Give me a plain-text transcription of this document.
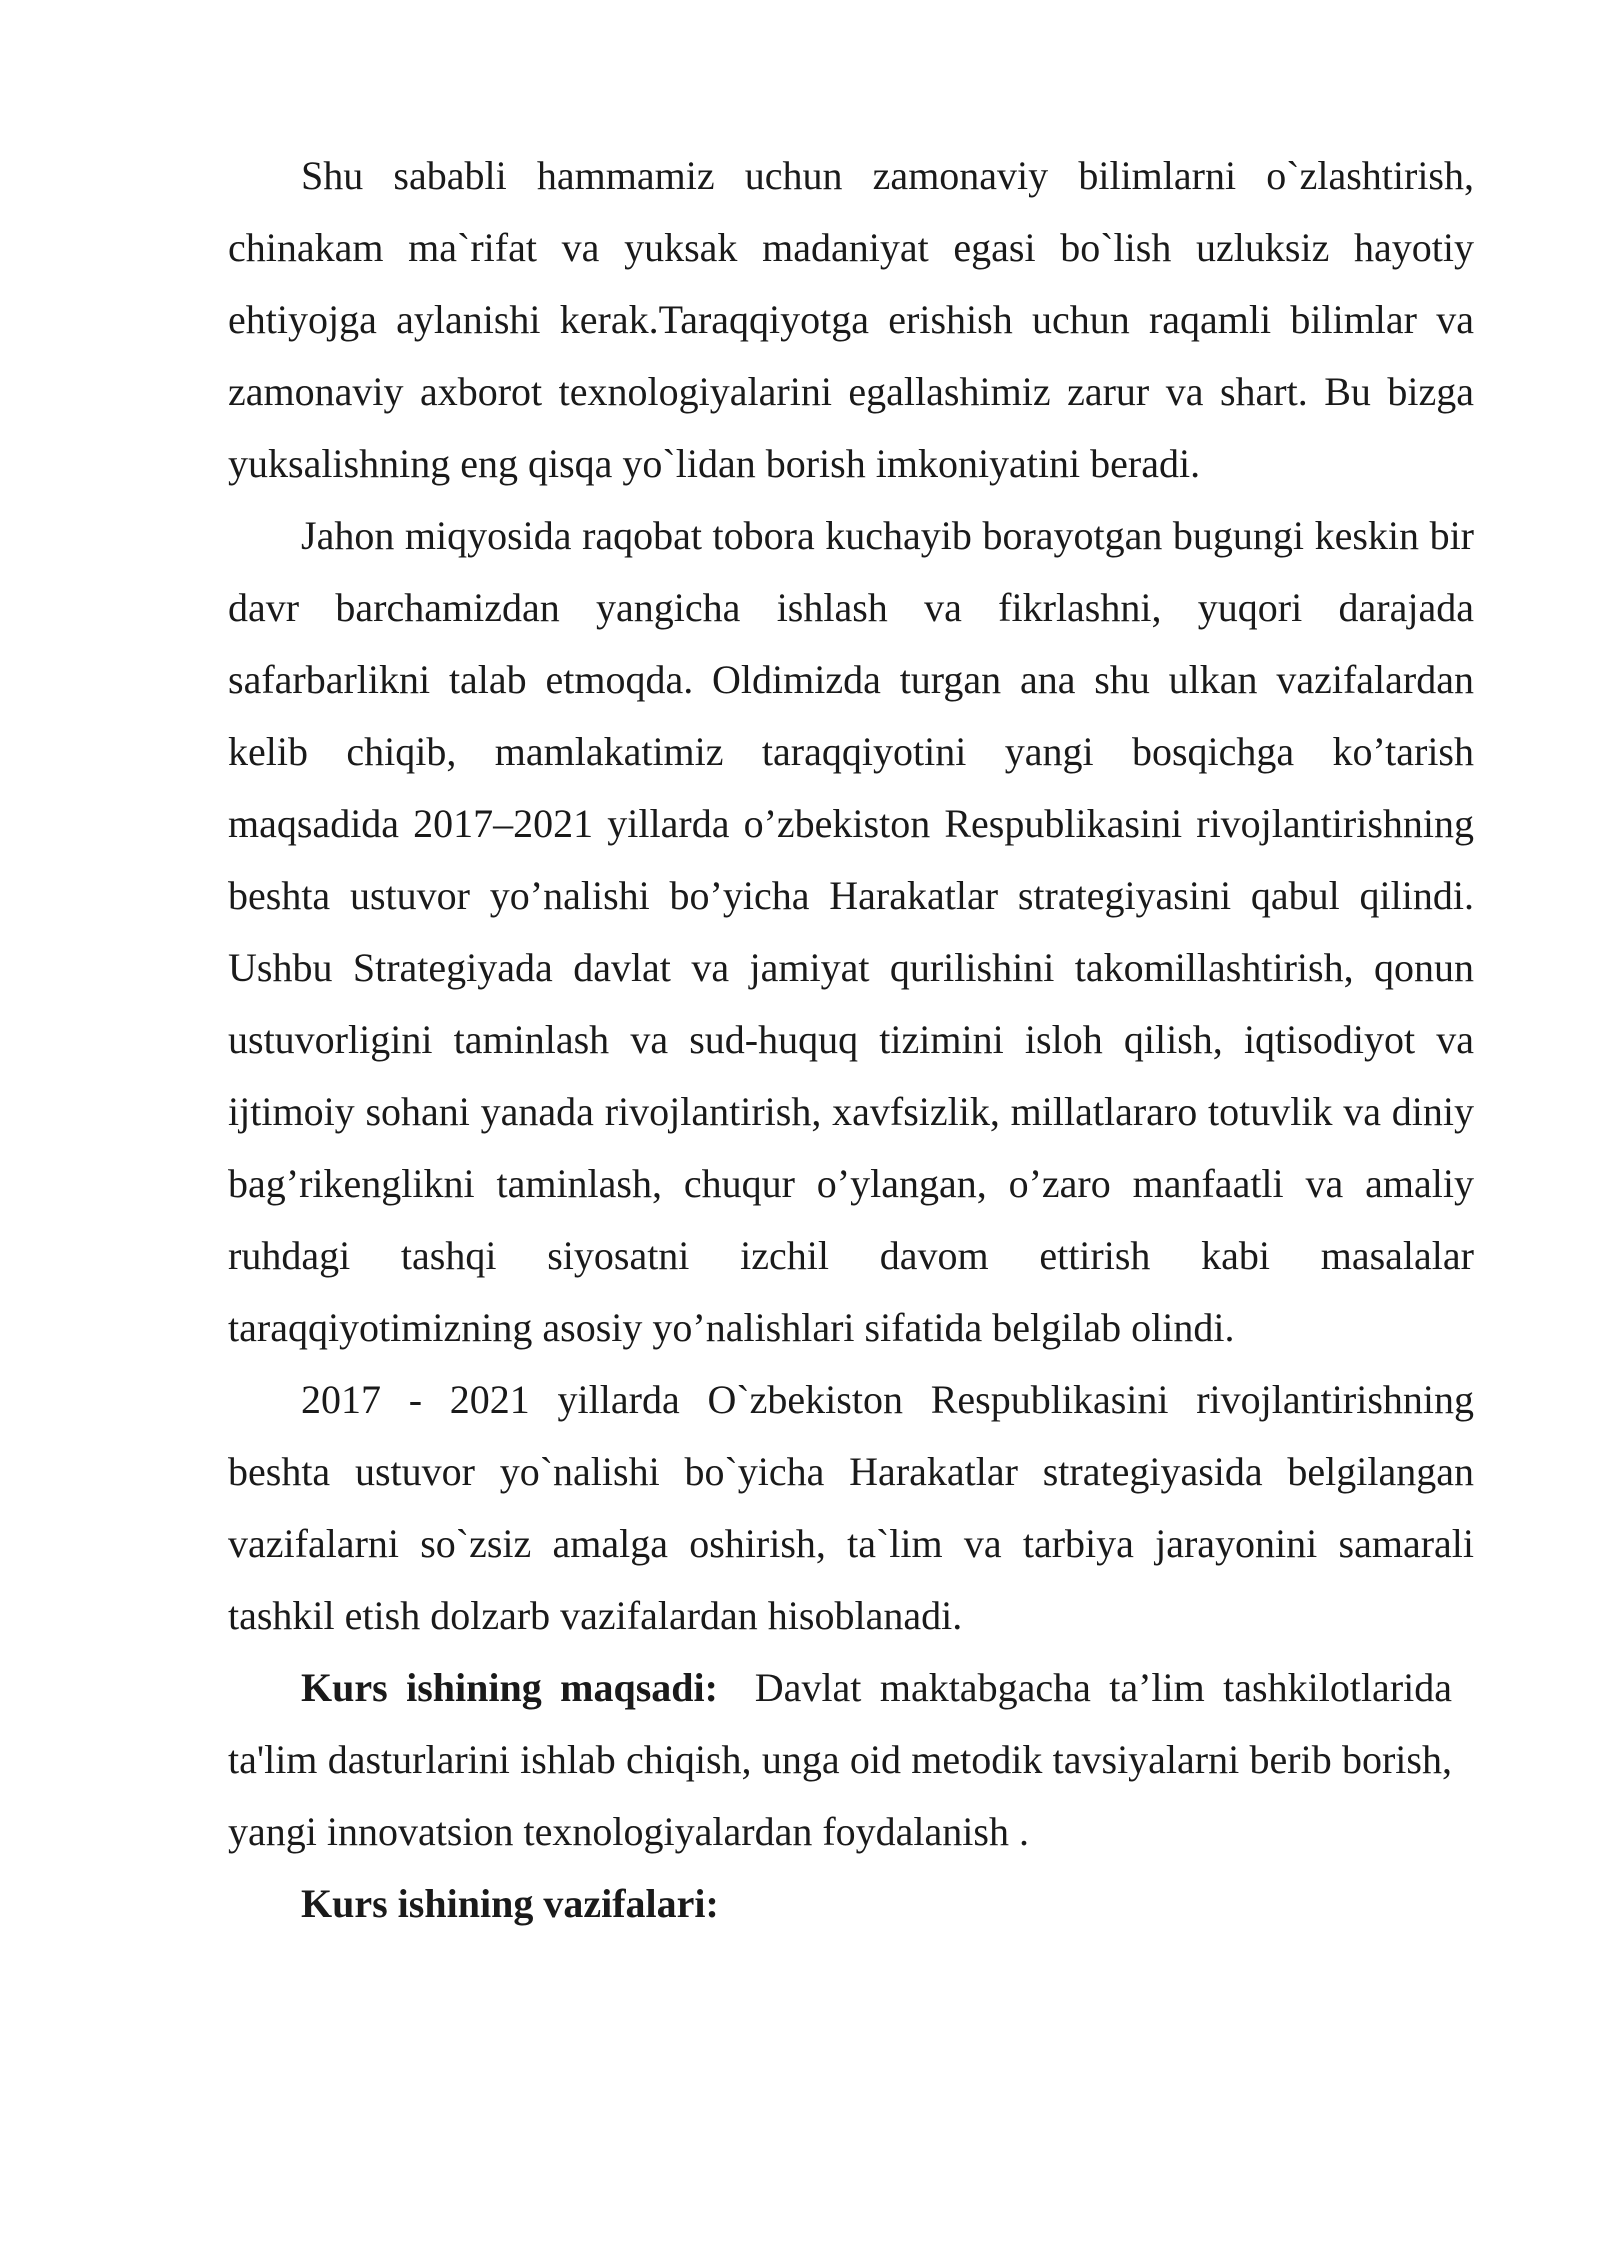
Shu sababli hammamiz uchun zamonaviy bilimlarni o`zlashtirish, chinakam ma`rifat va yuksak madaniyat egasi bo`lish uzluksiz hayotiy ehtiyojga aylanishi kerak.Taraqqiyotga erishish uchun raqamli bilimlar va zamonaviy axborot texnologiyalarini egallashimiz zarur va shart. Bu bizga yuksalishning eng qisqa yo`lidan borish imkoniyatini beradi.

Jahon miqyosida raqobat tobora kuchayib borayotgan bugungi keskin bir davr barchamizdan yangicha ishlash va fikrlashni, yuqori darajada safarbarlikni talab etmoqda. Oldimizda turgan ana shu ulkan vazifalardan kelib chiqib, mamlakatimiz taraqqiyotini yangi bosqichga ko’tarish maqsadida 2017–2021 yillarda o’zbekiston Respublikasini rivojlantirishning beshta ustuvor yo’nalishi bo’yicha Harakatlar strategiyasini qabul qilindi. Ushbu Strategiyada davlat va jamiyat qurilishini takomillashtirish, qonun ustuvorligini taminlash va sud-huquq tizimini isloh qilish, iqtisodiyot va ijtimoiy sohani yanada rivojlantirish, xavfsizlik, millatlararo totuvlik va diniy bag’rikenglikni taminlash, chuqur o’ylangan, o’zaro manfaatli va amaliy ruhdagi tashqi siyosatni izchil davom ettirish kabi masalalar taraqqiyotimizning asosiy yo’nalishlari sifatida belgilab olindi.

2017 - 2021 yillarda O`zbekiston Respublikasini rivojlantirishning beshta ustuvor yo`nalishi bo`yicha Harakatlar strategiyasida belgilangan vazifalarni so`zsiz amalga oshirish, ta`lim va tarbiya jarayonini samarali tashkil etish dolzarb vazifalardan hisoblanadi.

Kurs ishining maqsadi: Davlat maktabgacha ta’lim tashkilotlarida ta'lim dasturlarini ishlab chiqish, unga oid metodik tavsiyalarni berib borish, yangi innovatsion texnologiyalardan foydalanish .

Kurs ishining vazifalari:
